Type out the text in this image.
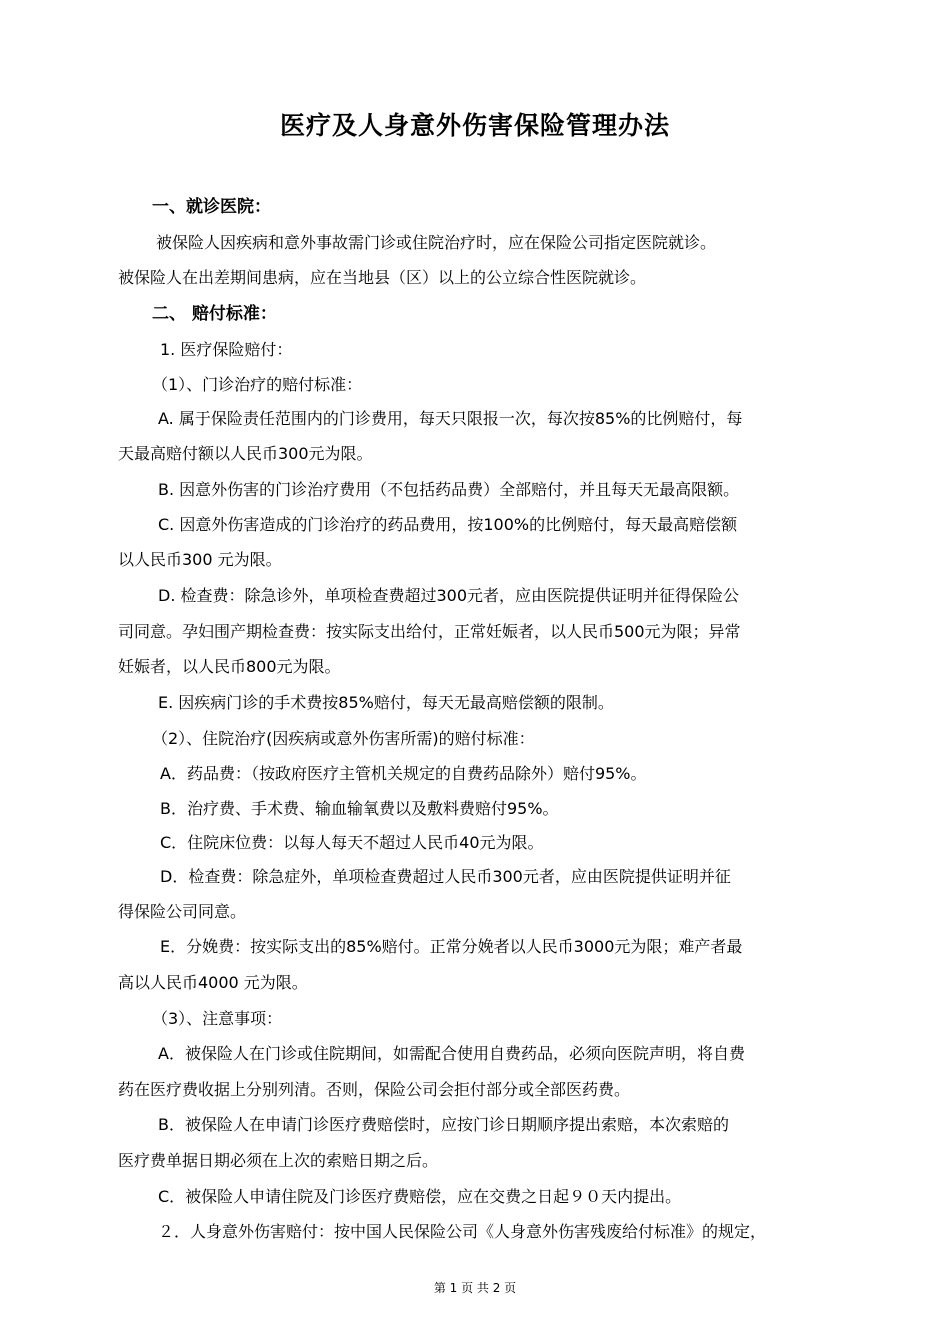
医疗及人身意外伤害保险管理办法
一、就诊医院：
被保险人因疾病和意外事故需门诊或住院治疗时，应在保险公司指定医院就诊。
被保险人在出差期间患病，应在当地县（区）以上的公立综合性医院就诊。
二、 赔付标准：
1. 医疗保险赔付：
（1）、门诊治疗的赔付标准：
A. 属于保险责任范围内的门诊费用，每天只限报一次，每次按85%的比例赔付，每
天最高赔付额以人民币300元为限。
B. 因意外伤害的门诊治疗费用（不包括药品费）全部赔付，并且每天无最高限额。
C. 因意外伤害造成的门诊治疗的药品费用，按100%的比例赔付，每天最高赔偿额
以人民币300 元为限。
D. 检查费：除急诊外，单项检查费超过300元者，应由医院提供证明并征得保险公
司同意。孕妇围产期检查费：按实际支出给付，正常妊娠者，以人民币500元为限；异常
妊娠者，以人民币800元为限。
E. 因疾病门诊的手术费按85%赔付，每天无最高赔偿额的限制。
（2）、住院治疗(因疾病或意外伤害所需)的赔付标准：
A．药品费：（按政府医疗主管机关规定的自费药品除外）赔付95%。
B．治疗费、手术费、输血输氧费以及敷料费赔付95%。
C．住院床位费：以每人每天不超过人民币40元为限。
D．检查费：除急症外，单项检查费超过人民币300元者，应由医院提供证明并征
得保险公司同意。
E．分娩费：按实际支出的85%赔付。正常分娩者以人民币3000元为限；难产者最
高以人民币4000 元为限。
（3）、注意事项：
A．被保险人在门诊或住院期间，如需配合使用自费药品，必须向医院声明，将自费
药在医疗费收据上分别列清。否则，保险公司会拒付部分或全部医药费。
B．被保险人在申请门诊医疗费赔偿时，应按门诊日期顺序提出索赔，本次索赔的
医疗费单据日期必须在上次的索赔日期之后。
C．被保险人申请住院及门诊医疗费赔偿，应在交费之日起９０天内提出。
２．人身意外伤害赔付：按中国人民保险公司《人身意外伤害残废给付标准》的规定，
第 1 页 共 2 页
